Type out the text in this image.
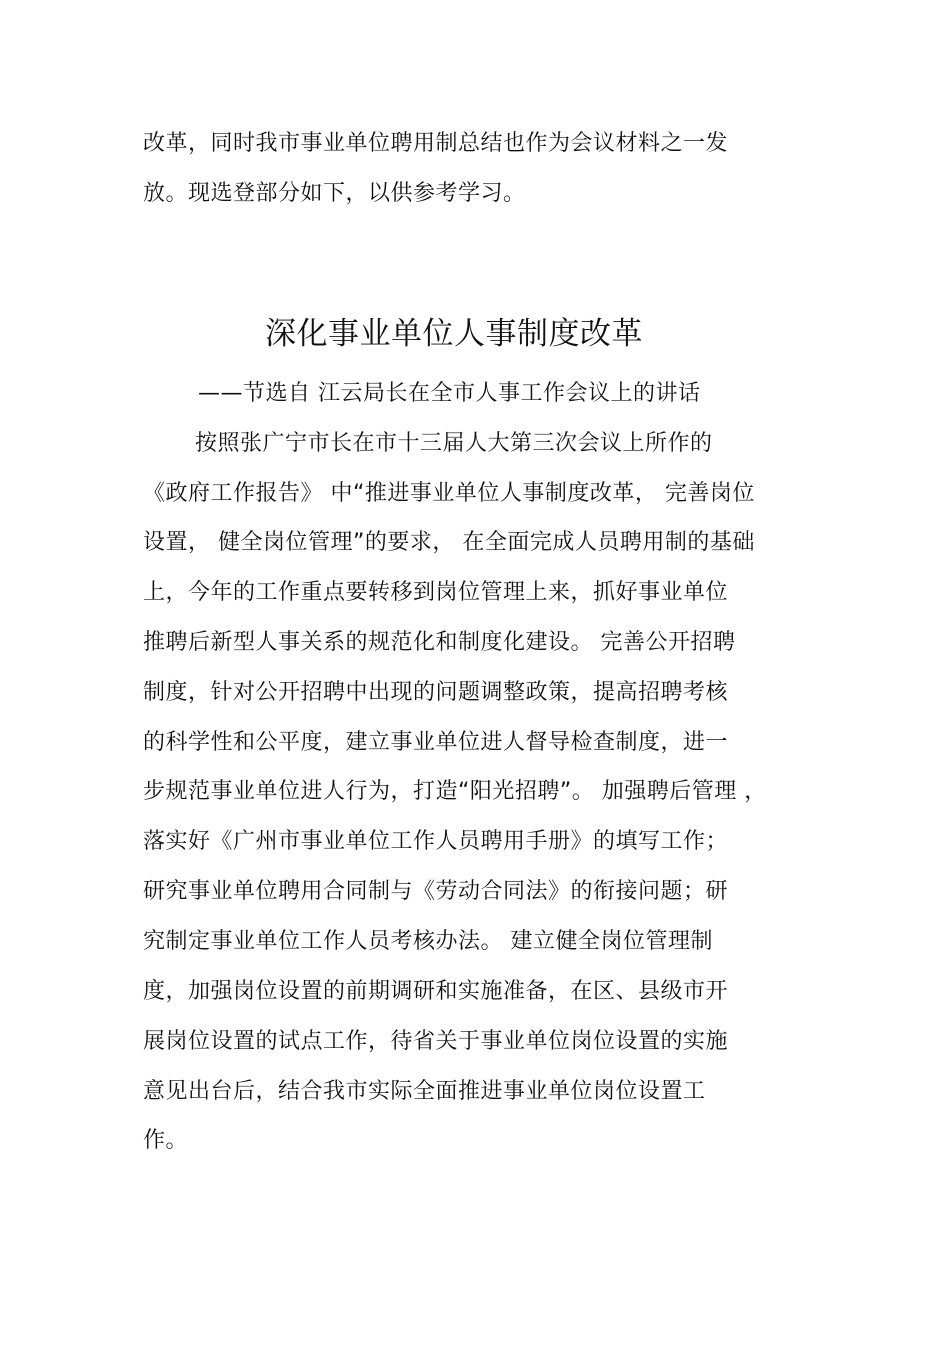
改革，同时我市事业单位聘用制总结也作为会议材料之一发
放。现选登部分如下，以供参考学习。
深化事业单位人事制度改革
——节选自 江云局长在全市人事工作会议上的讲话
按照张广宁市长在市十三届人大第三次会议上所作的
《政府工作报告》 中“推进事业单位人事制度改革， 完善岗位
设置， 健全岗位管理”的要求， 在全面完成人员聘用制的基础
上，今年的工作重点要转移到岗位管理上来，抓好事业单位
推聘后新型人事关系的规范化和制度化建设。 完善公开招聘
制度，针对公开招聘中出现的问题调整政策，提高招聘考核
的科学性和公平度，建立事业单位进人督导检查制度，进一
步规范事业单位进人行为，打造“阳光招聘”。 加强聘后管理 ，
落实好《广州市事业单位工作人员聘用手册》的填写工作；
研究事业单位聘用合同制与《劳动合同法》的衔接问题；研
究制定事业单位工作人员考核办法。 建立健全岗位管理制
度，加强岗位设置的前期调研和实施准备，在区、县级市开
展岗位设置的试点工作，待省关于事业单位岗位设置的实施
意见出台后，结合我市实际全面推进事业单位岗位设置工
作。
